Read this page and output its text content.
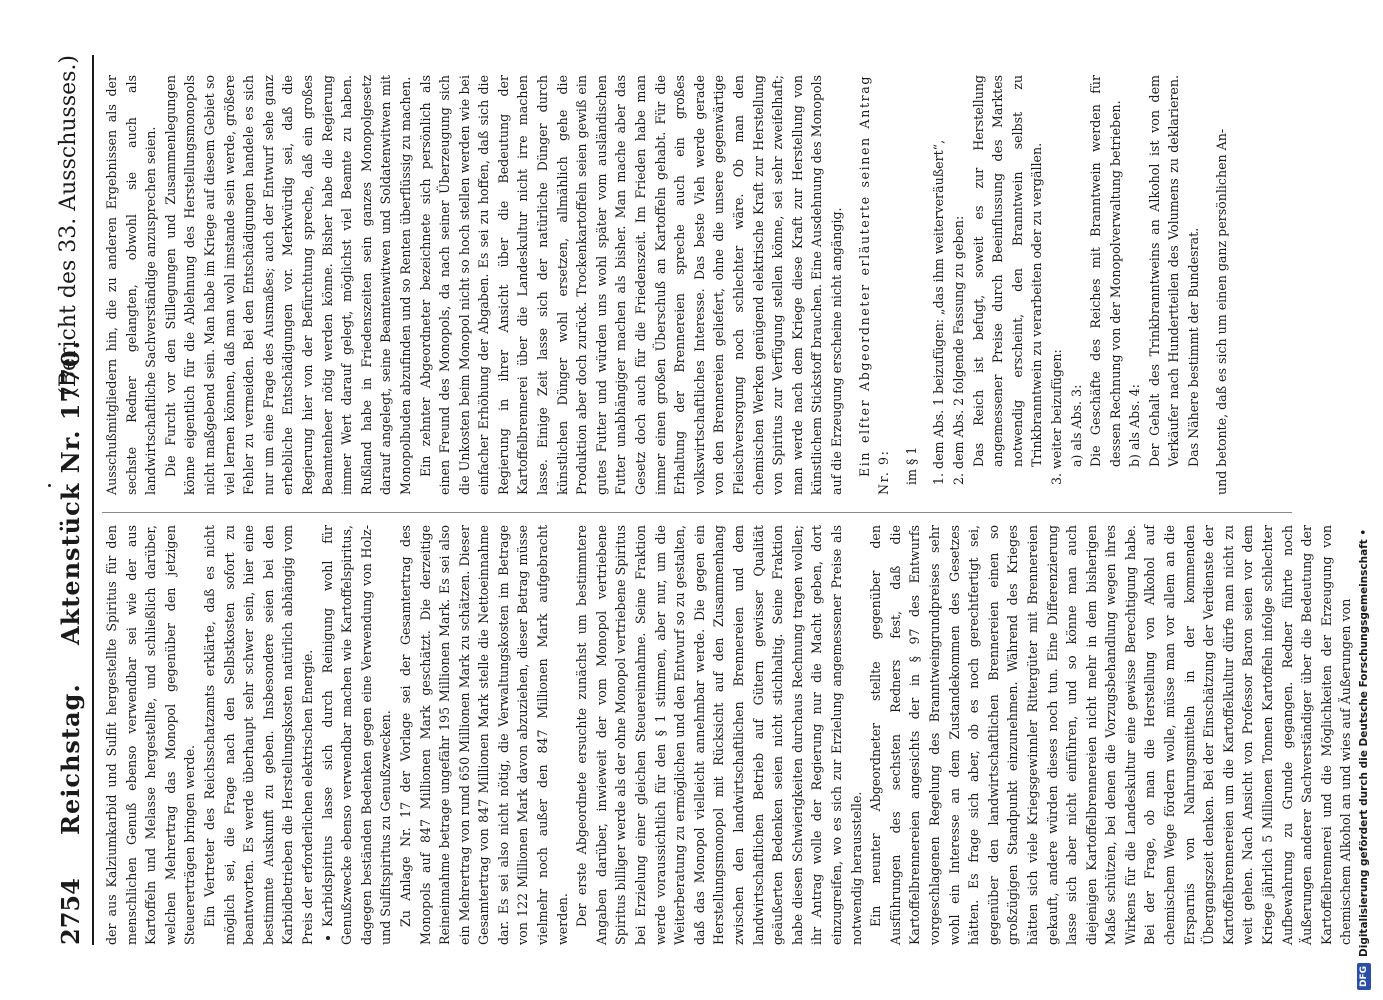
2754
Reichstag.
Aktenstück Nr. 1770.
(Bericht des 33. Ausschusses.)

der aus Kalziumkarbid und Sulfit hergestellte Spiritus für den menschlichen Genuß ebenso verwendbar sei wie der aus Kartoffeln und Melasse hergestellte, und schließlich darüber, welchen Mehrertrag das Monopol gegenüber den jetzigen Steuererträgen bringen werde. Ein Vertreter des Reichsschatzamts erklärte, daß es nicht möglich sei, die Frage nach den Selbstkosten sofort zu beantworten. Es werde überhaupt sehr schwer sein, hier eine bestimmte Auskunft zu geben. Insbesondere seien bei den Karbidbetrieben die Herstellungskosten natürlich abhängig vom Preis der erforderlichen elektrischen Energie. Karbidspiritus lasse sich durch Reinigung wohl für Genußzwecke ebenso verwendbar machen wie Kartoffelspiritus, dagegen beständen Bedenken gegen eine Verwendung von Holz- und Sulfitspiritus zu Genußzwecken. Zu Anlage Nr. 17 der Vorlage sei der Gesamtertrag des Monopols auf 847 Millionen Mark geschätzt. Die derzeitige Reineinnahme betrage ungefähr 195 Millionen Mark. Es sei also ein Mehrertrag von rund 650 Millionen Mark zu schätzen. Dieser Gesamtertrag von 847 Millionen Mark stelle die Nettoeinnahme dar. Es sei also nicht nötig, die Verwaltungskosten im Betrage von 122 Millionen Mark davon abzuziehen, dieser Betrag müsse vielmehr noch außer den 847 Millionen Mark aufgebracht werden. Der erste Abgeordnete ersuchte zunächst um bestimmtere Angaben darüber, inwieweit der vom Monopol vertriebene Spiritus billiger werde als der ohne Monopol vertriebene Spiritus bei Erzielung einer gleichen Steuereinnahme. Seine Fraktion werde voraussichtlich für den § 1 stimmen, aber nur, um die Weiterberatung zu ermöglichen und den Entwurf so zu gestalten, daß das Monopol vielleicht annehmbar werde. Die gegen ein Herstellungsmonopol mit Rücksicht auf den Zusammenhang zwischen den landwirtschaftlichen Brennereien und dem landwirtschaftlichen Betrieb auf Gütern gewisser Qualität geäußerten Bedenken seien nicht stichhaltig. Seine Fraktion habe diesen Schwierigkeiten durchaus Rechnung tragen wollen; ihr Antrag wolle der Regierung nur die Macht geben, dort einzugreifen, wo es sich zur Erzielung angemessener Preise als notwendig herausstelle. Ein neunter Abgeordneter stellte gegenüber den Ausführungen des sechsten Redners fest, daß die Kartoffelbrennereien angesichts der in § 97 des Entwurfs vorgeschlagenen Regelung des Branntweingrundpreises sehr wohl ein Interesse an dem Zustandekommen des Gesetzes hätten. Es frage sich aber, ob es noch gerechtfertigt sei, gegenüber den landwirtschaftlichen Brennereien einen so großzügigen Standpunkt einzunehmen. Während des Krieges hätten sich viele Kriegsgewinnler Rittergüter mit Brennereien gekauft, andere würden dieses noch tun. Eine Differenzierung lasse sich aber nicht einführen, und so könne man auch diejenigen Kartoffelbrennereien nicht mehr in dem bisherigen Maße schützen, bei denen die Vorzugsbehandlung wegen ihres Wirkens für die Landeskultur eine gewisse Berechtigung habe. Bei der Frage, ob man die Herstellung von Alkohol auf chemischem Wege fördern wolle, müsse man vor allem an die Ersparnis von Nahrungsmitteln in der kommenden Übergangszeit denken. Bei der Einschätzung der Verdienste der Kartoffelbrennereien um die Kartoffelkultur dürfe man nicht zu weit gehen. Nach Ansicht von Professor Baron seien vor dem Kriege jährlich 5 Millionen Tonnen Kartoffeln infolge schlechter Aufbewahrung zu Grunde gegangen. Redner führte noch Äußerungen anderer Sachverständiger über die Bedeutung der Kartoffelbrennerei und die Möglichkeiten der Erzeugung von chemischem Alkohol an und wies auf Äußerungen von

Ausschußmitgliedern hin, die zu anderen Ergebnissen als der sechste Redner gelangten, obwohl sie auch als landwirtschaftliche Sachverständige anzusprechen seien. Die Furcht vor den Stillegungen und Zusammenlegungen könne eigentlich für die Ablehnung des Herstellungsmonopols nicht maßgebend sein. Man habe im Kriege auf diesem Gebiet so viel lernen können, daß man wohl imstande sein werde, größere Fehler zu vermeiden. Bei den Entschädigungen handele es sich nur um eine Frage des Ausmaßes; auch der Entwurf sehe ganz erhebliche Entschädigungen vor. Merkwürdig sei, daß die Regierung hier von der Befürchtung spreche, daß ein großes Beamtenheer nötig werden könne. Bisher habe die Regierung immer Wert darauf gelegt, möglichst viel Beamte zu haben. Rußland habe in Friedenszeiten sein ganzes Monopolgesetz darauf angelegt, seine Beamtenwitwen und Soldatenwitwen mit Monopolbuden abzufinden und so Renten überflüssig zu machen. Ein zehnter Abgeordneter bezeichnete sich persönlich als einen Freund des Monopols, da nach seiner Überzeugung sich die Unkosten beim Monopol nicht so hoch stellen werden wie bei einfacher Erhöhung der Abgaben. Es sei zu hoffen, daß sich die Regierung in ihrer Ansicht über die Bedeutung der Kartoffelbrennerei über die Landeskultur nicht irre machen lasse. Einige Zeit lasse sich der natürliche Dünger durch künstlichen Dünger wohl ersetzen, allmählich gehe die Produktion aber doch zurück. Trockenkartoffeln seien gewiß ein gutes Futter und würden uns wohl später vom ausländischen Futter unabhängiger machen als bisher. Man mache aber das Gesetz doch auch für die Friedenszeit. Im Frieden habe man immer einen großen Überschuß an Kartoffeln gehabt. Für die Erhaltung der Brennereien spreche auch ein großes volkswirtschaftliches Interesse. Das beste Vieh werde gerade von den Brennereien geliefert, ohne die unsere gegenwärtige Fleischversorgung noch schlechter wäre. Ob man den chemischen Werken genügend elektrische Kraft zur Herstellung von Spiritus zur Verfügung stellen könne, sei sehr zweifelhaft; man werde nach dem Kriege diese Kraft zur Herstellung von künstlichem Stickstoff brauchen. Eine Ausdehnung des Monopols auf die Erzeugung erscheine nicht angängig. Ein elfter Abgeordneter erläuterte seinen Antrag Nr. 9: im § 1 1. dem Abs. 1 beizufügen: „das ihm weiterveräußert“, 2. dem Abs. 2 folgende Fassung zu geben: Das Reich ist befugt, soweit es zur Herstellung angemessener Preise durch Beeinflussung des Marktes notwendig erscheint, den Branntwein selbst zu Trinkbranntwein zu verarbeiten oder zu vergällen. 3. weiter beizufügen: a) als Abs. 3: Die Geschäfte des Reiches mit Branntwein werden für dessen Rechnung von der Monopolverwaltung betrieben. b) als Abs. 4: Der Gehalt des Trinkbranntweins an Alkohol ist von dem Verkäufer nach Hundertteilen des Volumens zu deklarieren. Das Nähere bestimmt der Bundesrat. und betonte, daß es sich um einen ganz persönlichen An-

DFG
Digitalisierung gefördert durch die Deutsche Forschungsgemeinschaft •
